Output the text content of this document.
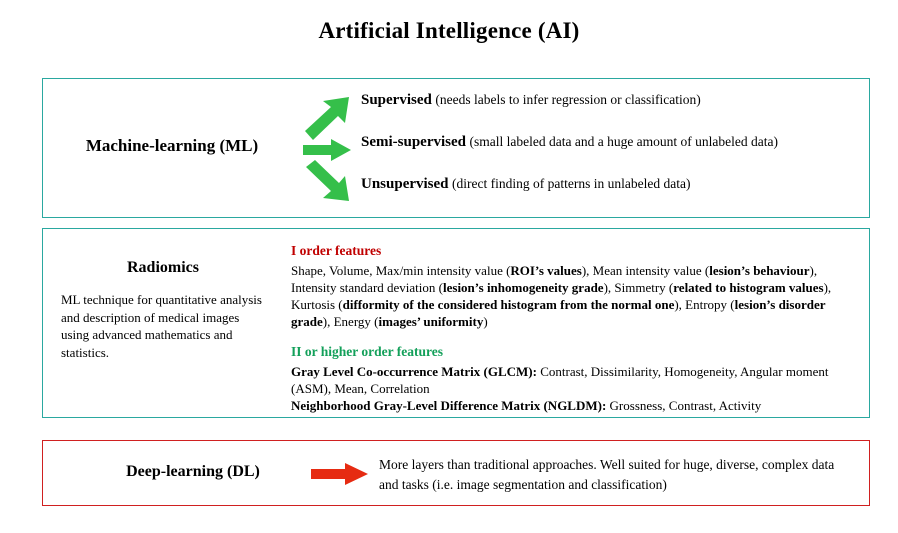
Artificial Intelligence (AI)
Machine-learning (ML)
Supervised (needs labels to infer regression or classification)
Semi-supervised (small labeled data and a huge amount of unlabeled data)
Unsupervised (direct finding of patterns in unlabeled data)
Radiomics
ML technique for quantitative analysis and description of medical images using advanced mathematics and statistics.
I order features
Shape, Volume, Max/min intensity value (ROI’s values), Mean intensity value (lesion’s behaviour), Intensity standard deviation (lesion’s inhomogeneity grade), Simmetry (related to histogram values), Kurtosis (difformity of the considered histogram from the normal one), Entropy (lesion’s disorder grade), Energy (images’ uniformity)
II or higher order features
Gray Level Co-occurrence Matrix (GLCM): Contrast, Dissimilarity, Homogeneity, Angular moment (ASM), Mean, Correlation
Neighborhood Gray-Level Difference Matrix (NGLDM): Grossness, Contrast, Activity
Deep-learning (DL)	More layers than traditional approaches. Well suited for huge, diverse, complex data and tasks (i.e. image segmentation and classification)
